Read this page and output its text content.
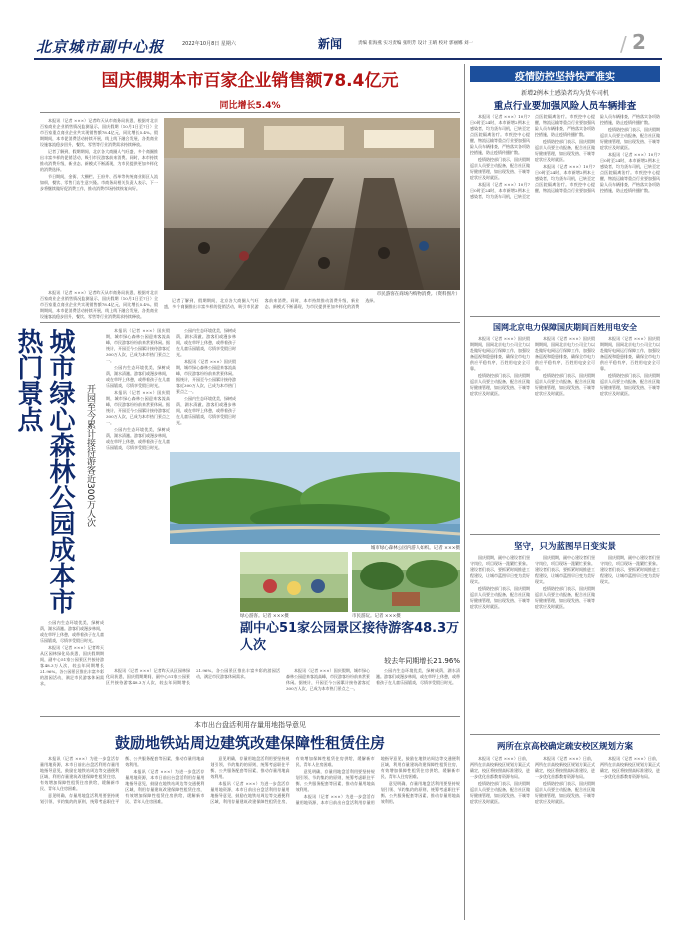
北京城市副中心报	2022年10月8日 星期六	新闻	责编 崔海燕 实习责编 张明芳 设计 王晴 校对 郭丽娜 刘一	2
/
国庆假期本市百家企业销售额78.4亿元
同比增长5.4%

本报讯（记者 ×××）记者昨天从市商务局获悉，根据对北京百家商业企业销售情况监测显示，国庆假期（10月1日至7日）全市百家重点商业企业共实现销售额78.4亿元，同比增长5.4%。假期期间，本市促消费活动持续开展，线上线下融合发展，各类商业设施客流稳步回升，餐饮、零售等行业消费需求持续释放。

记者了解到，假期期间，北京各大商圈人气旺盛，多个商圈推出丰富多样的促销活动，吸引市民游客前来消费。同时，本市持续推动消费升级，新业态、新模式不断涌现，为市民提供更加多样化的消费选择。

节日期间，金街、大栅栏、王府井、西单等传统商业街区人流如织，餐饮、零售门店生意兴隆。市商务局相关负责人表示，下一步将继续做好促消费工作，推动消费市场持续恢复向好。

市民游客在商场内购物消费。（资料图片）

记者了解到，假期期间，北京各大商圈人气旺盛，多个商圈推出丰富多样的促销活动，吸引市民游客前来消费。同时，本市持续推动消费升级，新业态、新模式不断涌现，为市民提供更加多样化的消费选择。

本报讯（记者 ×××）记者昨天从市商务局获悉，根据对北京百家商业企业销售情况监测显示，国庆假期（10月1日至7日）全市百家重点商业企业共实现销售额78.4亿元，同比增长5.4%。假期期间，本市促消费活动持续开展，线上线下融合发展，各类商业设施客流稳步回升，餐饮、零售等行业消费需求持续释放。

城市绿心森林公园成本市热门景点
开园至今累计接待游客近300万人次

本报讯（记者 ×××）国庆假期，城市绿心森林公园迎来客流高峰，市民游客纷纷前来赏景休闲。据统计，开园至今公园累计接待游客近300万人次，已成为本市热门景点之一。

公园内生态环境优美，绿树成荫，湖水清澈。游客们或漫步林间，或在草坪上休憩，或带着孩子在儿童乐园嬉戏，尽情享受假日时光。

本报讯（记者 ×××）国庆假期，城市绿心森林公园迎来客流高峰，市民游客纷纷前来赏景休闲。据统计，开园至今公园累计接待游客近300万人次，已成为本市热门景点之一。

公园内生态环境优美，绿树成荫，湖水清澈。游客们或漫步林间，或在草坪上休憩，或带着孩子在儿童乐园嬉戏，尽情享受假日时光。

公园内生态环境优美，绿树成荫，湖水清澈。游客们或漫步林间，或在草坪上休憩，或带着孩子在儿童乐园嬉戏，尽情享受假日时光。

本报讯（记者 ×××）国庆假期，城市绿心森林公园迎来客流高峰，市民游客纷纷前来赏景休闲。据统计，开园至今公园累计接待游客近300万人次，已成为本市热门景点之一。

公园内生态环境优美，绿树成荫，湖水清澈。游客们或漫步林间，或在草坪上休憩，或带着孩子在儿童乐园嬉戏，尽情享受假日时光。

城市绿心森林公园内游人如织。记者 ×××摄
绿心游客。记者 ×××摄	市民游玩。记者 ×××摄
副中心51家公园景区接待游客48.3万人次
较去年同期增长21.96%

本报讯（记者 ×××）记者昨天从区园林绿化局获悉，国庆假期期间，副中心51家公园景区共接待游客48.3万人次，较去年同期增长21.96%。各公园景区推出丰富多彩的游园活动，满足市民游客休闲需求。

本报讯（记者 ×××）国庆假期，城市绿心森林公园迎来客流高峰，市民游客纷纷前来赏景休闲。据统计，开园至今公园累计接待游客近300万人次，已成为本市热门景点之一。

公园内生态环境优美，绿树成荫，湖水清澈。游客们或漫步林间，或在草坪上休憩，或带着孩子在儿童乐园嬉戏，尽情享受假日时光。

公园内生态环境优美，绿树成荫，湖水清澈。游客们或漫步林间，或在草坪上休憩，或带着孩子在儿童乐园嬉戏，尽情享受假日时光。

本报讯（记者 ×××）记者昨天从区园林绿化局获悉，国庆假期期间，副中心51家公园景区共接待游客48.3万人次，较去年同期增长21.96%。各公园景区推出丰富多彩的游园活动，满足市民游客休闲需求。

本市出台盘活利用存量用地指导意见
鼓励地铁站周边建筑改建保障性租赁住房

本报讯（记者 ×××）为进一步盘活存量用地资源，本市日前出台盘活利用存量用地指导意见，鼓励在地铁站周边等交通便利区域，利用存量建筑改建保障性租赁住房，有效增加保障性租赁住房供给，缓解新市民、青年人住房困难。

意见明确，存量用地盘活利用要坚持规划引领、节约集约的原则，统筹考虑职住平衡、公共服务配套等因素，推动存量用地高效利用。

本报讯（记者 ×××）为进一步盘活存量用地资源，本市日前出台盘活利用存量用地指导意见，鼓励在地铁站周边等交通便利区域，利用存量建筑改建保障性租赁住房，有效增加保障性租赁住房供给，缓解新市民、青年人住房困难。

意见明确，存量用地盘活利用要坚持规划引领、节约集约的原则，统筹考虑职住平衡、公共服务配套等因素，推动存量用地高效利用。

本报讯（记者 ×××）为进一步盘活存量用地资源，本市日前出台盘活利用存量用地指导意见，鼓励在地铁站周边等交通便利区域，利用存量建筑改建保障性租赁住房，有效增加保障性租赁住房供给，缓解新市民、青年人住房困难。

意见明确，存量用地盘活利用要坚持规划引领、节约集约的原则，统筹考虑职住平衡、公共服务配套等因素，推动存量用地高效利用。

本报讯（记者 ×××）为进一步盘活存量用地资源，本市日前出台盘活利用存量用地指导意见，鼓励在地铁站周边等交通便利区域，利用存量建筑改建保障性租赁住房，有效增加保障性租赁住房供给，缓解新市民、青年人住房困难。

意见明确，存量用地盘活利用要坚持规划引领、节约集约的原则，统筹考虑职住平衡、公共服务配套等因素，推动存量用地高效利用。

疫情防控坚持快严准实
新增2例本土感染者均为货车司机
重点行业要加强风险人员车辆排查

本报讯（记者 ×××）10月7日0时至24时，本市新增2例本土感染者，均为货车司机，已转至定点医院隔离治疗。市疾控中心提醒，物流运输等重点行业要加强风险人员车辆排查，严格落实各项防控措施，防止疫情传播扩散。

疫情防控部门表示，国庆假期返京人员要主动报备，配合社区做好健康管理，如出现发热、干咳等症状应及时就医。

本报讯（记者 ×××）10月7日0时至24时，本市新增2例本土感染者，均为货车司机，已转至定点医院隔离治疗。市疾控中心提醒，物流运输等重点行业要加强风险人员车辆排查，严格落实各项防控措施，防止疫情传播扩散。

疫情防控部门表示，国庆假期返京人员要主动报备，配合社区做好健康管理，如出现发热、干咳等症状应及时就医。

本报讯（记者 ×××）10月7日0时至24时，本市新增2例本土感染者，均为货车司机，已转至定点医院隔离治疗。市疾控中心提醒，物流运输等重点行业要加强风险人员车辆排查，严格落实各项防控措施，防止疫情传播扩散。

疫情防控部门表示，国庆假期返京人员要主动报备，配合社区做好健康管理，如出现发热、干咳等症状应及时就医。

本报讯（记者 ×××）10月7日0时至24时，本市新增2例本土感染者，均为货车司机，已转至定点医院隔离治疗。市疾控中心提醒，物流运输等重点行业要加强风险人员车辆排查，严格落实各项防控措施，防止疫情传播扩散。

国网北京电力保障国庆期间百姓用电安全

本报讯（记者 ×××）国庆假期期间，国网北京电力公司全力以赴做好电网运行保障工作，加强设备巡视和隐患排查，确保全市电力供应平稳有序，百姓用电安全可靠。

疫情防控部门表示，国庆假期返京人员要主动报备，配合社区做好健康管理，如出现发热、干咳等症状应及时就医。

本报讯（记者 ×××）国庆假期期间，国网北京电力公司全力以赴做好电网运行保障工作，加强设备巡视和隐患排查，确保全市电力供应平稳有序，百姓用电安全可靠。

疫情防控部门表示，国庆假期返京人员要主动报备，配合社区做好健康管理，如出现发热、干咳等症状应及时就医。

本报讯（记者 ×××）国庆假期期间，国网北京电力公司全力以赴做好电网运行保障工作，加强设备巡视和隐患排查，确保全市电力供应平稳有序，百姓用电安全可靠。

疫情防控部门表示，国庆假期返京人员要主动报备，配合社区做好健康管理，如出现发热、干咳等症状应及时就医。

坚守，只为蓝图早日变实景

国庆假期，副中心建设者们坚守岗位，项目现场一派繁忙景象。建设者们表示，要抓紧时间推进工程建设，让城市蓝图早日变为美好现实。

疫情防控部门表示，国庆假期返京人员要主动报备，配合社区做好健康管理，如出现发热、干咳等症状应及时就医。

国庆假期，副中心建设者们坚守岗位，项目现场一派繁忙景象。建设者们表示，要抓紧时间推进工程建设，让城市蓝图早日变为美好现实。

疫情防控部门表示，国庆假期返京人员要主动报备，配合社区做好健康管理，如出现发热、干咳等症状应及时就医。

国庆假期，副中心建设者们坚守岗位，项目现场一派繁忙景象。建设者们表示，要抓紧时间推进工程建设，让城市蓝图早日变为美好现实。

两所在京高校确定疏安校区规划方案

本报讯（记者 ×××）日前，两所在京高校新校区规划方案正式确定，校区将按照高标准建设，进一步优化首都教育资源布局。

疫情防控部门表示，国庆假期返京人员要主动报备，配合社区做好健康管理，如出现发热、干咳等症状应及时就医。

本报讯（记者 ×××）日前，两所在京高校新校区规划方案正式确定，校区将按照高标准建设，进一步优化首都教育资源布局。

疫情防控部门表示，国庆假期返京人员要主动报备，配合社区做好健康管理，如出现发热、干咳等症状应及时就医。

本报讯（记者 ×××）日前，两所在京高校新校区规划方案正式确定，校区将按照高标准建设，进一步优化首都教育资源布局。
